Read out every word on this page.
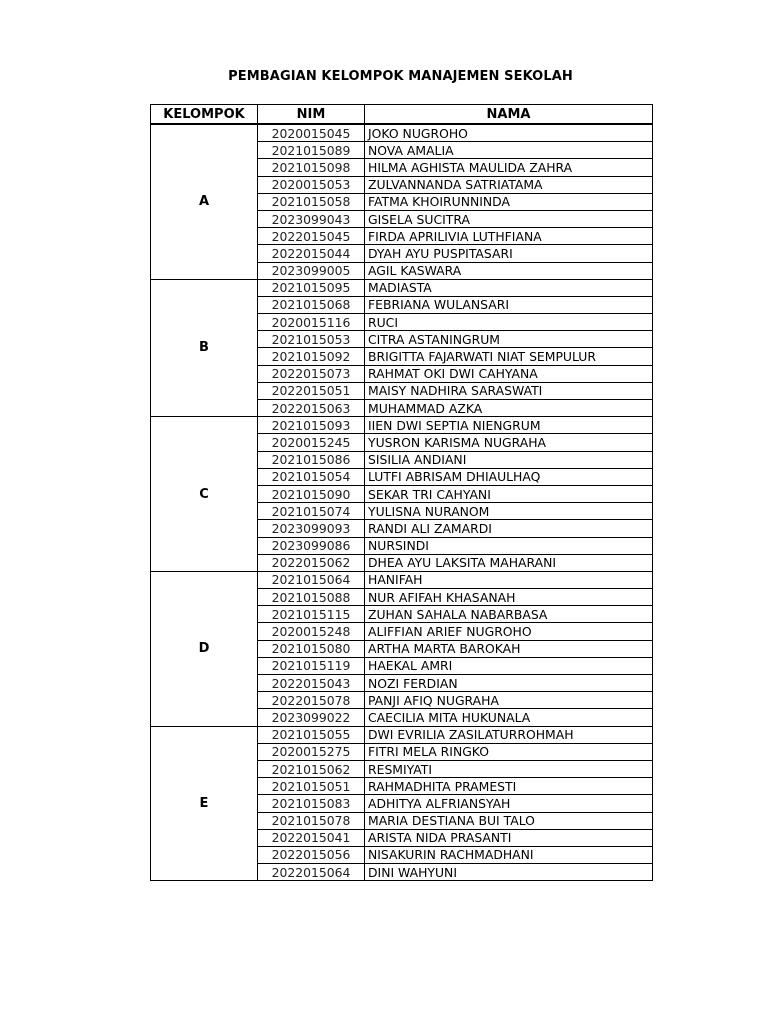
PEMBAGIAN KELOMPOK MANAJEMEN SEKOLAH
KELOMPOK	NIM	NAMA
A	2020015045	JOKO NUGROHO
	2021015089	NOVA AMALIA
	2021015098	HILMA AGHISTA MAULIDA ZAHRA
	2020015053	ZULVANNANDA SATRIATAMA
	2021015058	FATMA KHOIRUNNINDA
	2023099043	GISELA SUCITRA
	2022015045	FIRDA APRILIVIA LUTHFIANA
	2022015044	DYAH AYU PUSPITASARI
	2023099005	AGIL KASWARA
B	2021015095	MADIASTA
	2021015068	FEBRIANA WULANSARI
	2020015116	RUCI
	2021015053	CITRA ASTANINGRUM
	2021015092	BRIGITTA FAJARWATI NIAT SEMPULUR
	2022015073	RAHMAT OKI DWI CAHYANA
	2022015051	MAISY NADHIRA SARASWATI
	2022015063	MUHAMMAD AZKA
C	2021015093	IIEN DWI SEPTIA NIENGRUM
	2020015245	YUSRON KARISMA NUGRAHA
	2021015086	SISILIA ANDIANI
	2021015054	LUTFI ABRISAM DHIAULHAQ
	2021015090	SEKAR TRI CAHYANI
	2021015074	YULISNA NURANOM
	2023099093	RANDI ALI ZAMARDI
	2023099086	NURSINDI
	2022015062	DHEA AYU LAKSITA MAHARANI
D	2021015064	HANIFAH
	2021015088	NUR AFIFAH KHASANAH
	2021015115	ZUHAN SAHALA NABARBASA
	2020015248	ALIFFIAN ARIEF NUGROHO
	2021015080	ARTHA MARTA BAROKAH
	2021015119	HAEKAL AMRI
	2022015043	NOZI FERDIAN
	2022015078	PANJI AFIQ NUGRAHA
	2023099022	CAECILIA MITA HUKUNALA
E	2021015055	DWI EVRILIA ZASILATURROHMAH
	2020015275	FITRI MELA RINGKO
	2021015062	RESMIYATI
	2021015051	RAHMADHITA PRAMESTI
	2021015083	ADHITYA ALFRIANSYAH
	2021015078	MARIA DESTIANA BUI TALO
	2022015041	ARISTA NIDA PRASANTI
	2022015056	NISAKURIN RACHMADHANI
	2022015064	DINI WAHYUNI
